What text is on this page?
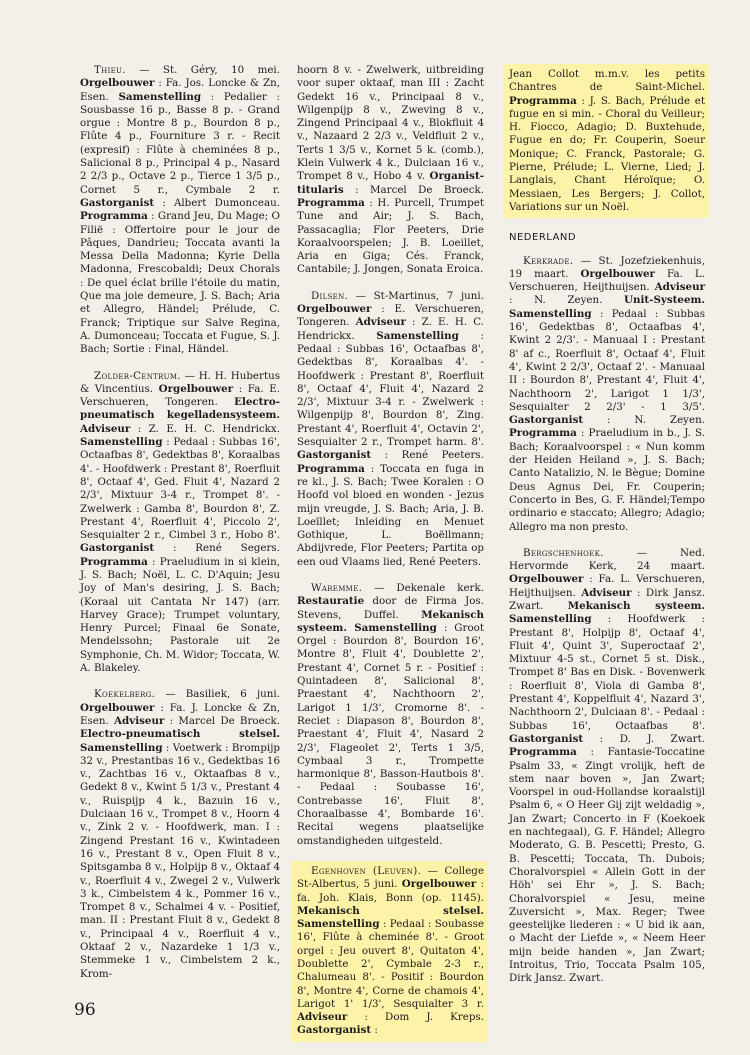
Thieu. — St. Géry, 10 mei. Orgelbouwer : Fa. Jos. Loncke & Zn, Esen. Samenstelling : Pedalier : Sousbasse 16 p., Basse 8 p. - Grand orgue : Montre 8 p., Bourdon 8 p., Flûte 4 p., Fourniture 3 r. - Recit (expresif) : Flûte à cheminées 8 p., Salicional 8 p., Principal 4 p., Nasard 2 2/3 p., Octave 2 p., Tierce 1 3/5 p., Cornet 5 r., Cymbale 2 r. Gastorganist : Albert Dumonceau. Programma : Grand Jeu, Du Mage; O Filië : Offertoire pour le jour de Pâques, Dandrieu; Toccata avanti la Messa Della Madonna; Kyrie Della Madonna, Frescobaldi; Deux Chorals : De quel éclat brille l'étoile du matin, Que ma joie demeure, J. S. Bach; Aria et Allegro, Händel; Prélude, C. Franck; Triptique sur Salve Regina, A. Dumonceau; Toccata et Fugue, S. J. Bach; Sortie : Final, Händel.

Zolder-Centrum. — H. H. Hubertus & Vincentius. Orgelbouwer : Fa. E. Verschueren, Tongeren. Electro-pneumatisch kegelladensysteem. Adviseur : Z. E. H. C. Hendrickx. Samenstelling : Pedaal : Subbas 16', Octaafbas 8', Gedektbas 8', Koraalbas 4'. - Hoofdwerk : Prestant 8', Roerfluit 8', Octaaf 4', Ged. Fluit 4', Nazard 2 2/3', Mixtuur 3-4 r., Trompet 8'. - Zwelwerk : Gamba 8', Bourdon 8', Z. Prestant 4', Roerfluit 4', Piccolo 2', Sesquialter 2 r., Cimbel 3 r., Hobo 8'. Gastorganist : René Segers. Programma : Praeludium in si klein, J. S. Bach; Noël, L. C. D'Aquin; Jesu Joy of Man's desiring, J. S. Bach; (Koraal uit Cantata Nr 147) (arr. Harvey Grace); Trumpet voluntary, Henry Purcel; Finaal 6e Sonate, Mendelssohn; Pastorale uit 2e Symphonie, Ch. M. Widor; Toccata, W. A. Blakeley.

Koekelberg. — Basiliek, 6 juni. Orgelbouwer : Fa. J. Loncke & Zn, Esen. Adviseur : Marcel De Broeck. Electro-pneumatisch stelsel. Samenstelling : Voetwerk : Brompijp 32 v., Prestantbas 16 v., Gedektbas 16 v., Zachtbas 16 v., Oktaafbas 8 v., Gedekt 8 v., Kwint 5 1/3 v., Prestant 4 v., Ruispijp 4 k., Bazuin 16 v., Dulciaan 16 v., Trompet 8 v., Hoorn 4 v., Zink 2 v. - Hoofdwerk, man. I : Zingend Prestant 16 v., Kwintadeen 16 v., Prestant 8 v., Open Fluit 8 v., Spitsgamba 8 v., Holpijp 8 v., Oktaaf 4 v., Roerfluit 4 v., Zwegel 2 v., Vulwerk 3 k., Cimbelstem 4 k., Pommer 16 v., Trompet 8 v., Schalmei 4 v. - Positief, man. II : Prestant Fluit 8 v., Gedekt 8 v., Principaal 4 v., Roerfluit 4 v., Oktaaf 2 v., Nazardeke 1 1/3 v., Stemmeke 1 v., Cimbelstem 2 k., Krom-

hoorn 8 v. - Zwelwerk, uitbreiding voor super oktaaf, man III : Zacht Gedekt 16 v., Principaal 8 v., Wilgenpijp 8 v., Zweving 8 v., Zingend Principaal 4 v., Blokfluit 4 v., Nazaard 2 2/3 v., Veldfluit 2 v., Terts 1 3/5 v., Kornet 5 k. (comb.), Klein Vulwerk 4 k., Dulciaan 16 v., Trompet 8 v., Hobo 4 v. Organist-titularis : Marcel De Broeck. Programma : H. Purcell, Trumpet Tune and Air; J. S. Bach, Passacaglia; Flor Peeters, Drie Koraalvoorspelen; J. B. Loeillet, Aria en Giga; Cés. Franck, Cantabile; J. Jongen, Sonata Eroica.

Dilsen. — St-Martinus, 7 juni. Orgelbouwer : E. Verschueren, Tongeren. Adviseur : Z. E. H. C. Hendrickx. Samenstelling : Pedaal : Subbas 16', Octaafbas 8', Gedektbas 8', Koraalbas 4'. - Hoofdwerk : Prestant 8', Roerfluit 8', Octaaf 4', Fluit 4', Nazard 2 2/3', Mixtuur 3-4 r. - Zwelwerk : Wilgenpijp 8', Bourdon 8', Zing. Prestant 4', Roerfluit 4', Octavin 2', Sesquialter 2 r., Trompet harm. 8'. Gastorganist : René Peeters. Programma : Toccata en fuga in re kl., J. S. Bach; Twee Koralen : O Hoofd vol bloed en wonden - Jezus mijn vreugde, J. S. Bach; Aria, J. B. Loeïllet; Inleiding en Menuet Gothique, L. Boëllmann; Abdijvrede, Flor Peeters; Partita op een oud Vlaams lied, René Peeters.

Waremme. — Dekenale kerk. Restauratie door de Firma Jos. Stevens, Duffel. Mekanisch systeem. Samenstelling : Groot Orgel : Bourdon 8', Bourdon 16', Montre 8', Fluit 4', Doublette 2', Prestant 4', Cornet 5 r. - Positief : Quintadeen 8', Salicional 8', Praestant 4', Nachthoorn 2', Larigot 1 1/3', Cromorne 8'. - Reciet : Diapason 8', Bourdon 8', Praestant 4', Fluit 4', Nasard 2 2/3', Flageolet 2', Terts 1 3/5, Cymbaal 3 r., Trompette harmonique 8', Basson-Hautbois 8'. - Pedaal : Soubasse 16', Contrebasse 16', Fluit 8', Choraalbasse 4', Bombarde 16'. Recital wegens plaatselijke omstandigheden uitgesteld.

Egenhoven (Leuven). — College St-Albertus, 5 juni. Orgelbouwer : fa. Joh. Klais, Bonn (op. 1145). Mekanisch stelsel. Samenstelling : Pedaal : Soubasse 16', Flûte à cheminée 8'. - Groot orgel : Jeu ouvert 8', Quitaton 4', Doublette 2', Cymbale 2-3 r., Chalumeau 8'. - Positif : Bourdon 8', Montre 4', Corne de chamois 4', Larigot 1' 1/3', Sesquialter 3 r. Adviseur : Dom J. Kreps. Gastorganist :

Jean Collot m.m.v. les petits Chantres de Saint-Michel. Programma : J. S. Bach, Prélude et fugue en si min. - Choral du Veilleur; H. Fiocco, Adagio; D. Buxtehude, Fugue en do; Fr. Couperin, Soeur Monique; C. Franck, Pastorale; G. Pierne, Prélude; L. Vierne, Lied; J. Langlais, Chant Héroïque; O. Messiaen, Les Bergers; J. Collot, Variations sur un Noël.

NEDERLAND

Kerkrade. — St. Jozefziekenhuis, 19 maart. Orgelbouwer Fa. L. Verschueren, Heijthuijsen. Adviseur : N. Zeyen. Unit-Systeem. Samenstelling : Pedaal : Subbas 16', Gedektbas 8', Octaafbas 4', Kwint 2 2/3'. - Manuaal I : Prestant 8' af c., Roerfluit 8', Octaaf 4', Fluit 4', Kwint 2 2/3', Octaaf 2'. - Manuaal II : Bourdon 8', Prestant 4', Fluit 4', Nachthoorn 2', Larigot 1 1/3', Sesquialter 2 2/3' - 1 3/5'. Gastorganist : N. Zeyen. Programma : Praeludium in b., J. S. Bach; Koraalvoorspel : « Nun komm der Heiden Heiland », J. S. Bach; Canto Natalizio, N. le Bègue; Domine Deus Agnus Dei, Fr. Couperin; Concerto in Bes, G. F. Händel;Tempo ordinario e staccato; Allegro; Adagio; Allegro ma non presto.

Bergschenhoek. — Ned. Hervormde Kerk, 24 maart. Orgelbouwer : Fa. L. Verschueren, Heijthuijsen. Adviseur : Dirk Jansz. Zwart. Mekanisch systeem. Samenstelling : Hoofdwerk : Prestant 8', Holpijp 8', Octaaf 4', Fluit 4', Quint 3', Superoctaaf 2', Mixtuur 4-5 st., Cornet 5 st. Disk., Trompet 8' Bas en Disk. - Bovenwerk : Roerfluit 8', Viola di Gamba 8', Prestant 4', Koppelfluit 4', Nazard 3', Nachthoorn 2', Dulciaan 8'. - Pedaal : Subbas 16', Octaafbas 8'. Gastorganist : D. J. Zwart. Programma : Fantasie-Toccatine Psalm 33, « Zingt vrolijk, heft de stem naar boven », Jan Zwart; Voorspel in oud-Hollandse koraalstijl Psalm 6, « O Heer Gij zijt weldadig », Jan Zwart; Concerto in F (Koekoek en nachtegaal), G. F. Händel; Allegro Moderato, G. B. Pescetti; Presto, G. B. Pescetti; Toccata, Th. Dubois; Choralvorspiel « Allein Gott in der Höh' sei Ehr », J. S. Bach; Choralvorspiel « Jesu, meine Zuversicht », Max. Reger; Twee geestelijke liederen : « U bid ik aan, o Macht der Liefde », « Neem Heer mijn beide handen », Jan Zwart; Introitus, Trio, Toccata Psalm 105, Dirk Jansz. Zwart.

96
